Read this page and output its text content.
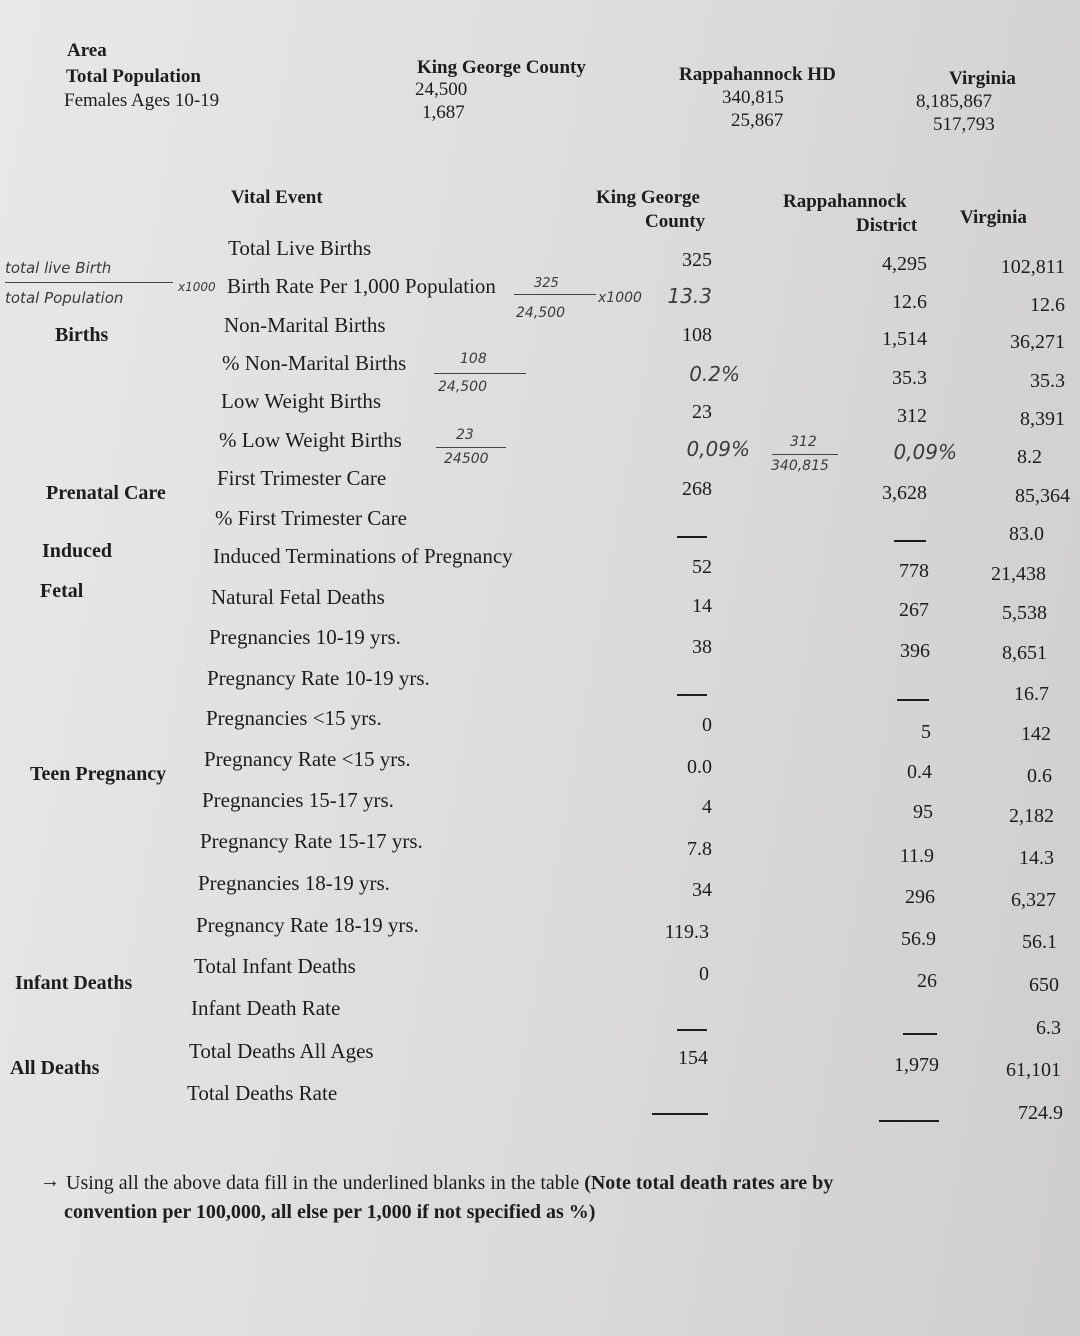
Area
Total Population
Females Ages 10-19
King George County
24,500
1,687
Rappahannock HD
340,815
25,867
Virginia
8,185,867
517,793
Vital Event	King George
County
Rappahannock
District Virginia
Births
Prenatal Care
Induced
Fetal
Teen Pregnancy
Infant Deaths
All Deaths
Total Live Births
Birth Rate Per 1,000 Population
Non-Marital Births
% Non-Marital Births
Low Weight Births
% Low Weight Births
First Trimester Care
% First Trimester Care
Induced Terminations of Pregnancy
Natural Fetal Deaths
Pregnancies 10-19 yrs.
Pregnancy Rate 10-19 yrs.
Pregnancies <15 yrs.
Pregnancy Rate <15 yrs.
Pregnancies 15-17 yrs.
Pregnancy Rate 15-17 yrs.
Pregnancies 18-19 yrs.
Pregnancy Rate 18-19 yrs.
Total Infant Deaths
Infant Death Rate
Total Deaths All Ages
Total Deaths Rate
325
13.3
108
0.2%
23
0,09%
268
52
14
38
0
0.0
4
7.8
34
119.3
0
154
4,295
12.6
1,514
35.3
312
0,09%
3,628
778
267
396
5
0.4
95
11.9
296
56.9
26
1,979
102,811
12.6
36,271
35.3
8,391
8.2
85,364
83.0
21,438
5,538
8,651
16.7
142
0.6
2,182
14.3
6,327
56.1
650
6.3
61,101
724.9
total live Birth
total Population
x1000	325
24,500
x1000
108
24,500
23
24500
312
340,815
→ Using all the above data fill in the underlined blanks in the table (Note total death rates are by
convention per 100,000, all else per 1,000 if not specified as %)
